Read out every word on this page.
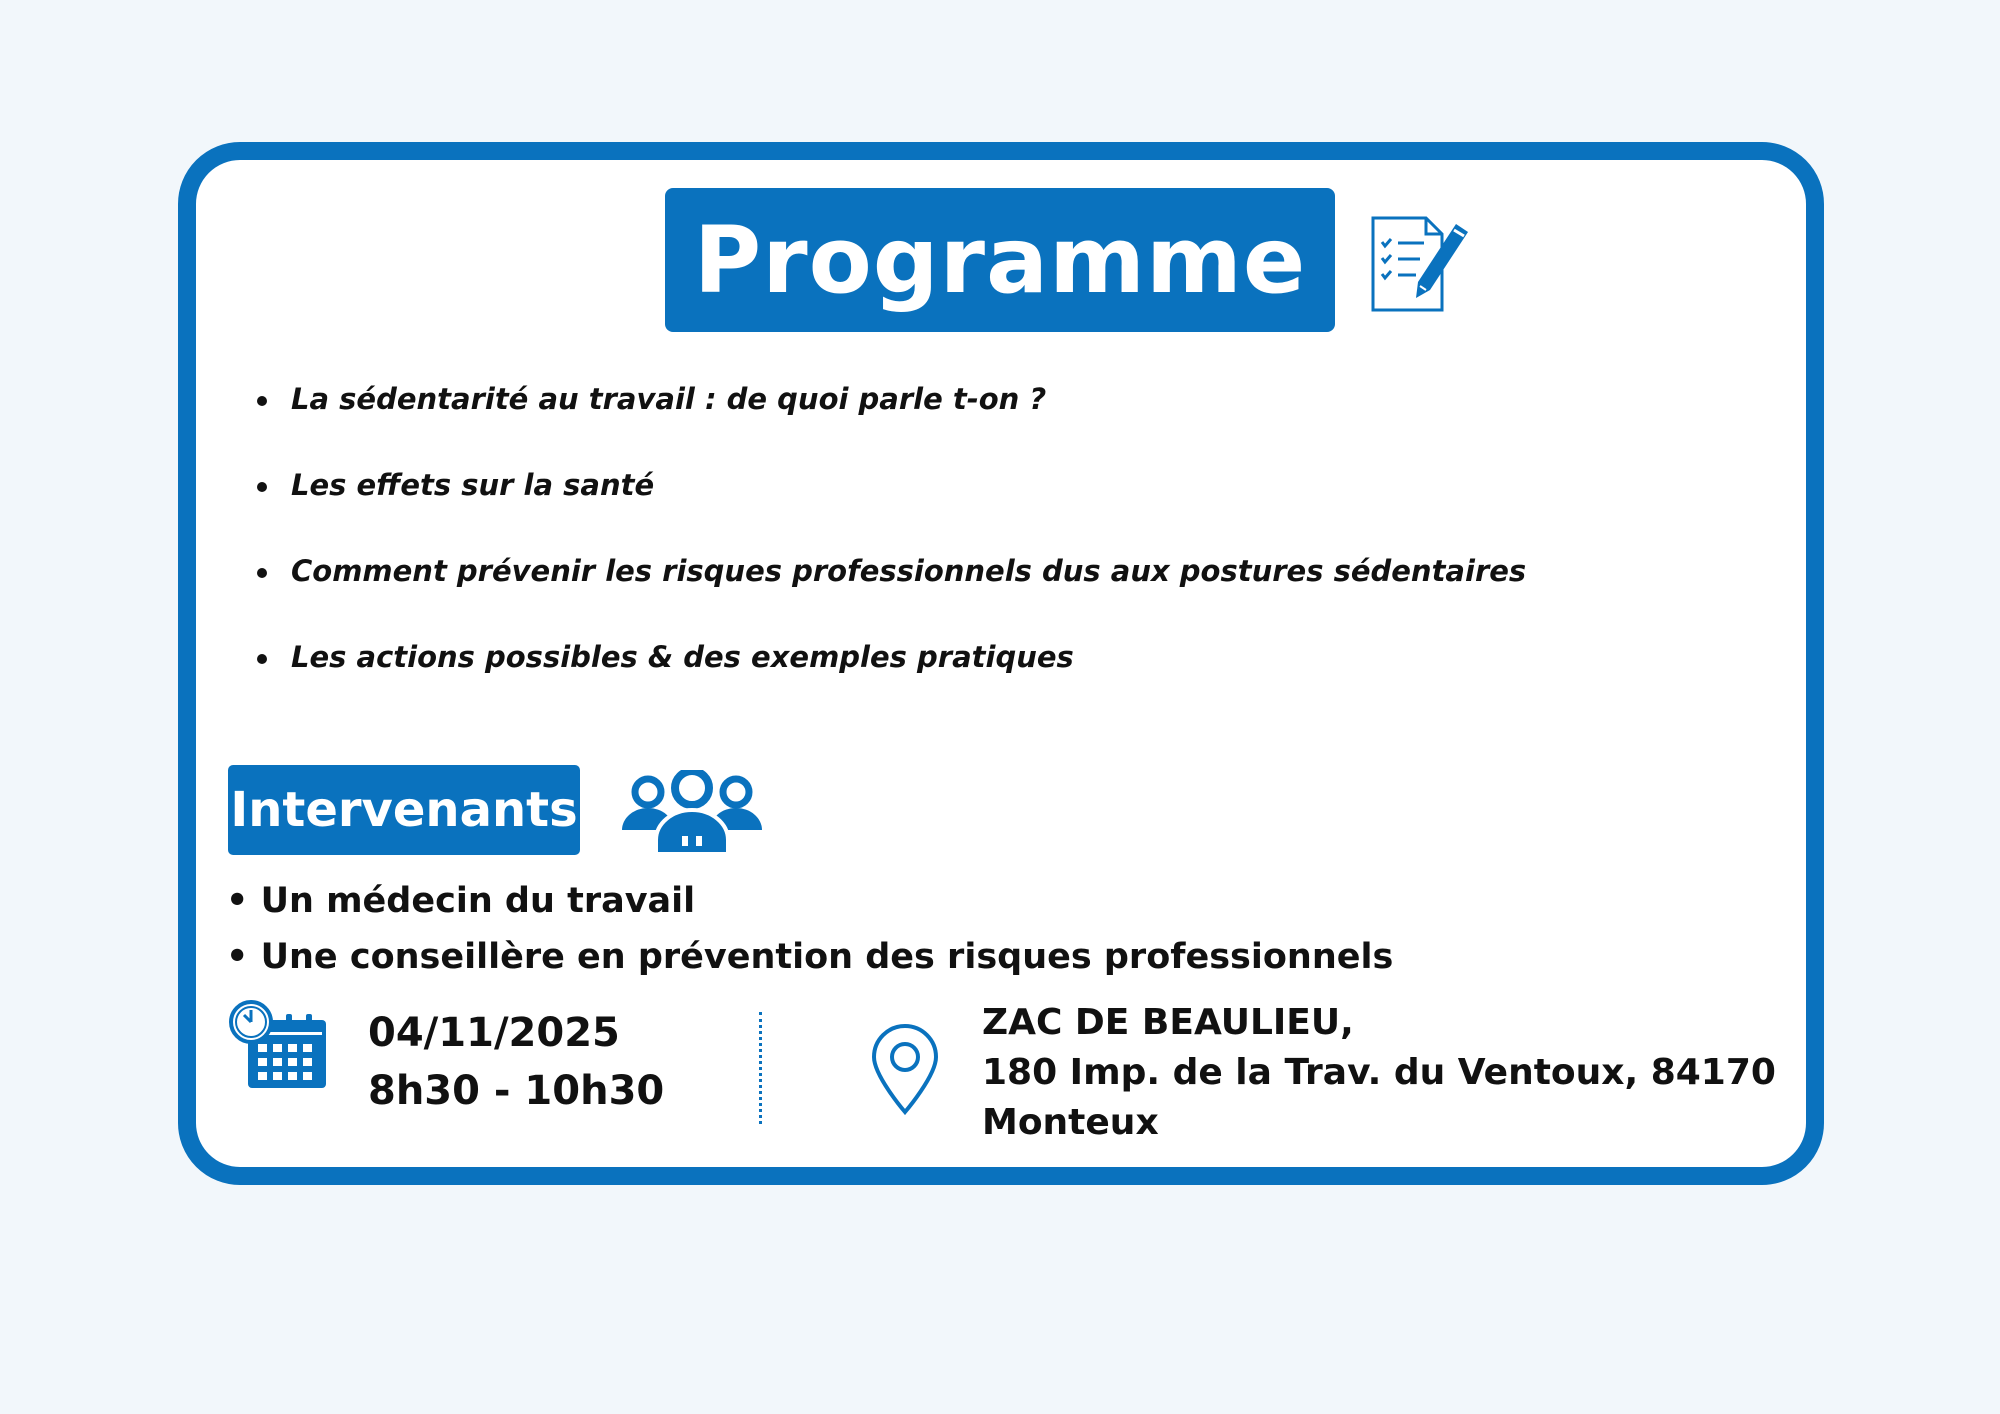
Programme
La sédentarité au travail : de quoi parle t-on ?
Les effets sur la santé
Comment prévenir les risques professionnels dus aux postures sédentaires
Les actions possibles & des exemples pratiques
Intervenants
• Un médecin du travail
• Une conseillère en prévention des risques professionnels
04/11/2025
8h30 - 10h30
ZAC DE BEAULIEU,
180 Imp. de la Trav. du Ventoux, 84170
Monteux
